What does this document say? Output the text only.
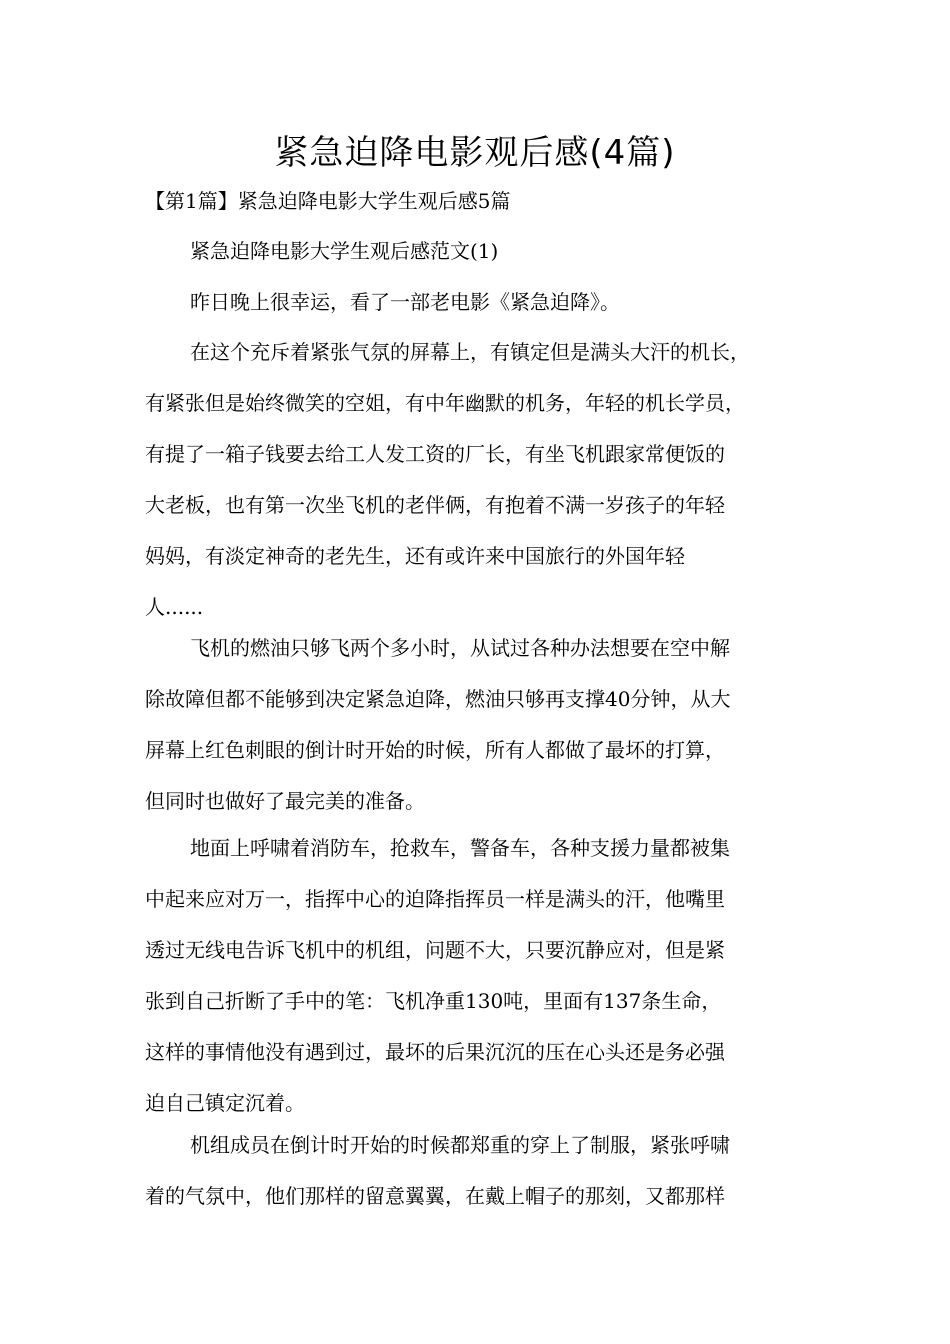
紧急迫降电影观后感(4篇)

【第1篇】紧急迫降电影大学生观后感5篇

紧急迫降电影大学生观后感范文(1)

昨日晚上很幸运，看了一部老电影《紧急迫降》。
在这个充斥着紧张气氛的屏幕上，有镇定但是满头大汗的机长，
有紧张但是始终微笑的空姐，有中年幽默的机务，年轻的机长学员，
有提了一箱子钱要去给工人发工资的厂长，有坐飞机跟家常便饭的
大老板，也有第一次坐飞机的老伴俩，有抱着不满一岁孩子的年轻
妈妈，有淡定神奇的老先生，还有或许来中国旅行的外国年轻
人......
飞机的燃油只够飞两个多小时，从试过各种办法想要在空中解
除故障但都不能够到决定紧急迫降，燃油只够再支撑40分钟，从大
屏幕上红色刺眼的倒计时开始的时候，所有人都做了最坏的打算，
但同时也做好了最完美的准备。
地面上呼啸着消防车，抢救车，警备车，各种支援力量都被集
中起来应对万一，指挥中心的迫降指挥员一样是满头的汗，他嘴里
透过无线电告诉飞机中的机组，问题不大，只要沉静应对，但是紧
张到自己折断了手中的笔：飞机净重130吨，里面有137条生命，
这样的事情他没有遇到过，最坏的后果沉沉的压在心头还是务必强
迫自己镇定沉着。
机组成员在倒计时开始的时候都郑重的穿上了制服，紧张呼啸
着的气氛中，他们那样的留意翼翼，在戴上帽子的那刻，又都那样
